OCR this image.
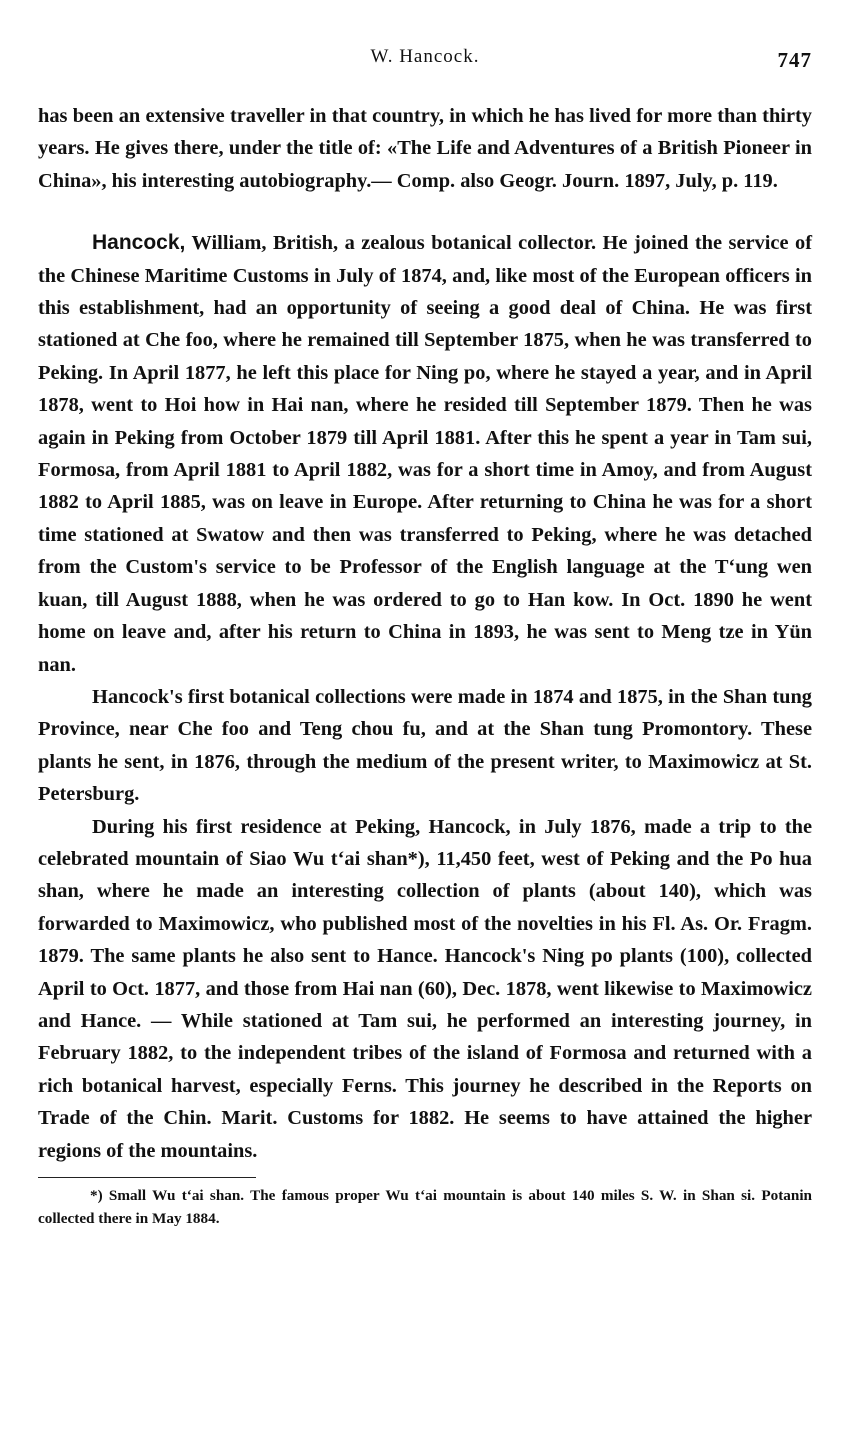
W. Hancock.	747

has been an extensive traveller in that country, in which he has lived for more than thirty years. He gives there, under the title of: «The Life and Adventures of a British Pioneer in China», his interesting autobiography.— Comp. also Geogr. Journ. 1897, July, p. 119.

Hancock, William, British, a zealous botanical collector. He joined the service of the Chinese Maritime Customs in July of 1874, and, like most of the European officers in this establishment, had an opportunity of seeing a good deal of China. He was first stationed at Che foo, where he remained till September 1875, when he was transferred to Peking. In April 1877, he left this place for Ning po, where he stayed a year, and in April 1878, went to Hoi how in Hai nan, where he resided till September 1879. Then he was again in Peking from October 1879 till April 1881. After this he spent a year in Tam sui, Formosa, from April 1881 to April 1882, was for a short time in Amoy, and from August 1882 to April 1885, was on leave in Europe. After returning to China he was for a short time stationed at Swatow and then was transferred to Peking, where he was detached from the Custom's service to be Professor of the English language at the Tʻung wen kuan, till August 1888, when he was ordered to go to Han kow. In Oct. 1890 he went home on leave and, after his return to China in 1893, he was sent to Meng tze in Yün nan.

Hancock's first botanical collections were made in 1874 and 1875, in the Shan tung Province, near Che foo and Teng chou fu, and at the Shan tung Promontory. These plants he sent, in 1876, through the medium of the present writer, to Maximowicz at St. Petersburg.

During his first residence at Peking, Hancock, in July 1876, made a trip to the celebrated mountain of Siao Wu tʻai shan*), 11,450 feet, west of Peking and the Po hua shan, where he made an interesting collection of plants (about 140), which was forwarded to Maximowicz, who published most of the novelties in his Fl. As. Or. Fragm. 1879. The same plants he also sent to Hance. Hancock's Ning po plants (100), collected April to Oct. 1877, and those from Hai nan (60), Dec. 1878, went likewise to Maximowicz and Hance. — While stationed at Tam sui, he performed an interesting journey, in February 1882, to the independent tribes of the island of Formosa and returned with a rich botanical harvest, especially Ferns. This journey he described in the Reports on Trade of the Chin. Marit. Customs for 1882. He seems to have attained the higher regions of the mountains.

*) Small Wu tʻai shan. The famous proper Wu tʻai mountain is about 140 miles S. W. in Shan si. Potanin collected there in May 1884.
